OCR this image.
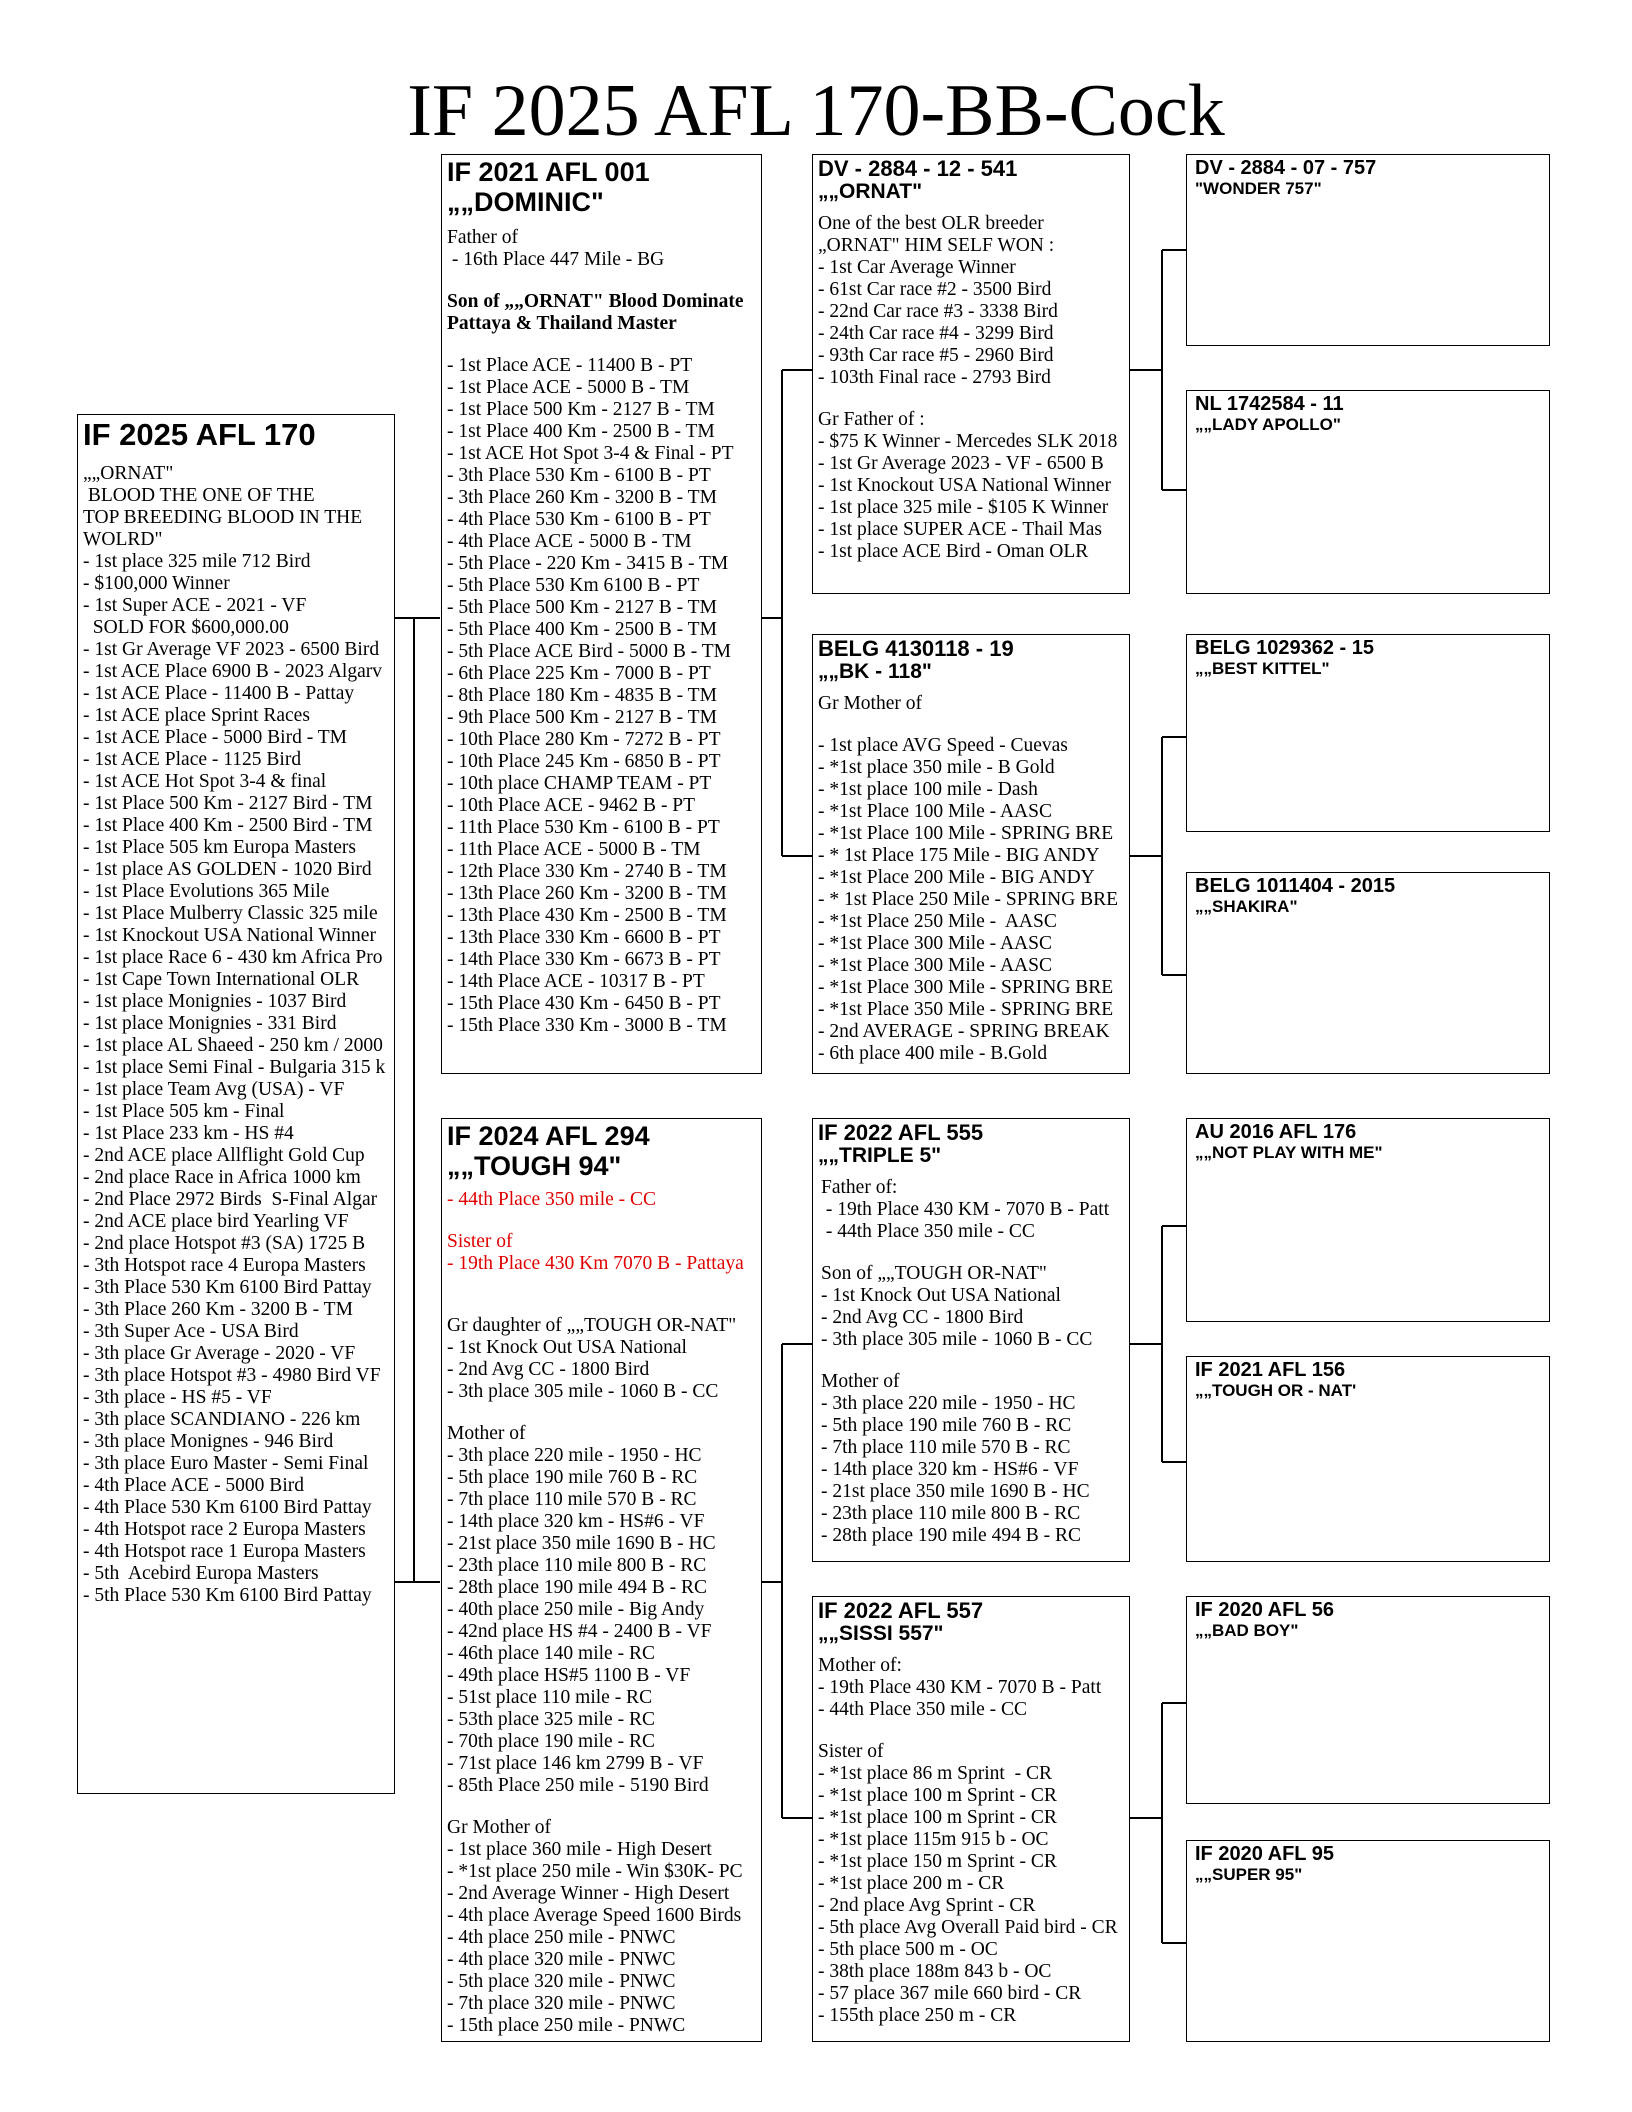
IF 2025 AFL 170-BB-Cock
IF 2025 AFL 170
„„ORNAT"
BLOOD THE ONE OF THE
TOP BREEDING BLOOD IN THE
WOLRD"
- 1st place 325 mile 712 Bird
- $100,000 Winner
- 1st Super ACE - 2021 - VF
SOLD FOR $600,000.00
- 1st Gr Average VF 2023 - 6500 Bird
- 1st ACE Place 6900 B - 2023 Algarv
- 1st ACE Place - 11400 B - Pattay
- 1st ACE place Sprint Races
- 1st ACE Place - 5000 Bird - TM
- 1st ACE Place - 1125 Bird
- 1st ACE Hot Spot 3-4 & final
- 1st Place 500 Km - 2127 Bird - TM
- 1st Place 400 Km - 2500 Bird - TM
- 1st Place 505 km Europa Masters
- 1st place AS GOLDEN - 1020 Bird
- 1st Place Evolutions 365 Mile
- 1st Place Mulberry Classic 325 mile
- 1st Knockout USA National Winner
- 1st place Race 6 - 430 km Africa Pro
- 1st Cape Town International OLR
- 1st place Monignies - 1037 Bird
- 1st place Monignies - 331 Bird
- 1st place AL Shaeed - 250 km / 2000
- 1st place Semi Final - Bulgaria 315 k
- 1st place Team Avg (USA) - VF
- 1st Place 505 km - Final
- 1st Place 233 km - HS #4
- 2nd ACE place Allflight Gold Cup
- 2nd place Race in Africa 1000 km
- 2nd Place 2972 Birds  S-Final Algar
- 2nd ACE place bird Yearling VF
- 2nd place Hotspot #3 (SA) 1725 B
- 3th Hotspot race 4 Europa Masters
- 3th Place 530 Km 6100 Bird Pattay
- 3th Place 260 Km - 3200 B - TM
- 3th Super Ace - USA Bird
- 3th place Gr Average - 2020 - VF
- 3th place Hotspot #3 - 4980 Bird VF
- 3th place - HS #5 - VF
- 3th place SCANDIANO - 226 km
- 3th place Monignes - 946 Bird
- 3th place Euro Master - Semi Final
- 4th Place ACE - 5000 Bird
- 4th Place 530 Km 6100 Bird Pattay
- 4th Hotspot race 2 Europa Masters
- 4th Hotspot race 1 Europa Masters
- 5th  Acebird Europa Masters
- 5th Place 530 Km 6100 Bird Pattay
IF 2021 AFL 001
„„DOMINIC"
Father of
- 16th Place 447 Mile - BG
Son of „„ORNAT" Blood Dominate
Pattaya & Thailand Master
- 1st Place ACE - 11400 B - PT
- 1st Place ACE - 5000 B - TM
- 1st Place 500 Km - 2127 B - TM
- 1st Place 400 Km - 2500 B - TM
- 1st ACE Hot Spot 3-4 & Final - PT
- 3th Place 530 Km - 6100 B - PT
- 3th Place 260 Km - 3200 B - TM
- 4th Place 530 Km - 6100 B - PT
- 4th Place ACE - 5000 B - TM
- 5th Place - 220 Km - 3415 B - TM
- 5th Place 530 Km 6100 B - PT
- 5th Place 500 Km - 2127 B - TM
- 5th Place 400 Km - 2500 B - TM
- 5th Place ACE Bird - 5000 B - TM
- 6th Place 225 Km - 7000 B - PT
- 8th Place 180 Km - 4835 B - TM
- 9th Place 500 Km - 2127 B - TM
- 10th Place 280 Km - 7272 B - PT
- 10th Place 245 Km - 6850 B - PT
- 10th place CHAMP TEAM - PT
- 10th Place ACE - 9462 B - PT
- 11th Place 530 Km - 6100 B - PT
- 11th Place ACE - 5000 B - TM
- 12th Place 330 Km - 2740 B - TM
- 13th Place 260 Km - 3200 B - TM
- 13th Place 430 Km - 2500 B - TM
- 13th Place 330 Km - 6600 B - PT
- 14th Place 330 Km - 6673 B - PT
- 14th Place ACE - 10317 B - PT
- 15th Place 430 Km - 6450 B - PT
- 15th Place 330 Km - 3000 B - TM
IF 2024 AFL 294
„„TOUGH 94"
- 44th Place 350 mile - CC
Sister of
- 19th Place 430 Km 7070 B - Pattaya
Gr daughter of „„TOUGH OR-NAT"
- 1st Knock Out USA National
- 2nd Avg CC - 1800 Bird
- 3th place 305 mile - 1060 B - CC
Mother of
- 3th place 220 mile - 1950 - HC
- 5th place 190 mile 760 B - RC
- 7th place 110 mile 570 B - RC
- 14th place 320 km - HS#6 - VF
- 21st place 350 mile 1690 B - HC
- 23th place 110 mile 800 B - RC
- 28th place 190 mile 494 B - RC
- 40th place 250 mile - Big Andy
- 42nd place HS #4 - 2400 B - VF
- 46th place 140 mile - RC
- 49th place HS#5 1100 B - VF
- 51st place 110 mile - RC
- 53th place 325 mile - RC
- 70th place 190 mile - RC
- 71st place 146 km 2799 B - VF
- 85th Place 250 mile - 5190 Bird
Gr Mother of
- 1st place 360 mile - High Desert
- *1st place 250 mile - Win $30K- PC
- 2nd Average Winner - High Desert
- 4th place Average Speed 1600 Birds
- 4th place 250 mile - PNWC
- 4th place 320 mile - PNWC
- 5th place 320 mile - PNWC
- 7th place 320 mile - PNWC
- 15th place 250 mile - PNWC
DV - 2884 - 12 - 541
„„ORNAT"
One of the best OLR breeder
„ORNAT" HIM SELF WON :
- 1st Car Average Winner
- 61st Car race #2 - 3500 Bird
- 22nd Car race #3 - 3338 Bird
- 24th Car race #4 - 3299 Bird
- 93th Car race #5 - 2960 Bird
- 103th Final race - 2793 Bird
Gr Father of :
- $75 K Winner - Mercedes SLK 2018
- 1st Gr Average 2023 - VF - 6500 B
- 1st Knockout USA National Winner
- 1st place 325 mile - $105 K Winner
- 1st place SUPER ACE - Thail Mas
- 1st place ACE Bird - Oman OLR
BELG 4130118 - 19
„„BK - 118"
Gr Mother of
- 1st place AVG Speed - Cuevas
- *1st place 350 mile - B Gold
- *1st place 100 mile - Dash
- *1st Place 100 Mile - AASC
- *1st Place 100 Mile - SPRING BRE
- * 1st Place 175 Mile - BIG ANDY
- *1st Place 200 Mile - BIG ANDY
- * 1st Place 250 Mile - SPRING BRE
- *1st Place 250 Mile -  AASC
- *1st Place 300 Mile - AASC
- *1st Place 300 Mile - AASC
- *1st Place 300 Mile - SPRING BRE
- *1st Place 350 Mile - SPRING BRE
- 2nd AVERAGE - SPRING BREAK
- 6th place 400 mile - B.Gold
IF 2022 AFL 555
„„TRIPLE 5"
Father of:
- 19th Place 430 KM - 7070 B - Patt
- 44th Place 350 mile - CC
Son of „„TOUGH OR-NAT"
- 1st Knock Out USA National
- 2nd Avg CC - 1800 Bird
- 3th place 305 mile - 1060 B - CC
Mother of
- 3th place 220 mile - 1950 - HC
- 5th place 190 mile 760 B - RC
- 7th place 110 mile 570 B - RC
- 14th place 320 km - HS#6 - VF
- 21st place 350 mile 1690 B - HC
- 23th place 110 mile 800 B - RC
- 28th place 190 mile 494 B - RC
IF 2022 AFL 557
„„SISSI 557"
Mother of:
- 19th Place 430 KM - 7070 B - Patt
- 44th Place 350 mile - CC
Sister of
- *1st place 86 m Sprint  - CR
- *1st place 100 m Sprint - CR
- *1st place 100 m Sprint - CR
- *1st place 115m 915 b - OC
- *1st place 150 m Sprint - CR
- *1st place 200 m - CR
- 2nd place Avg Sprint - CR
- 5th place Avg Overall Paid bird - CR
- 5th place 500 m - OC
- 38th place 188m 843 b - OC
- 57 place 367 mile 660 bird - CR
- 155th place 250 m - CR
DV - 2884 - 07 - 757
"WONDER 757"
NL 1742584 - 11
„„LADY APOLLO"
BELG 1029362 - 15
„„BEST KITTEL"
BELG 1011404 - 2015
„„SHAKIRA"
AU 2016 AFL 176
„„NOT PLAY WITH ME"
IF 2021 AFL 156
„„TOUGH OR - NAT'
IF 2020 AFL 56
„„BAD BOY"
IF 2020 AFL 95
„„SUPER 95"
